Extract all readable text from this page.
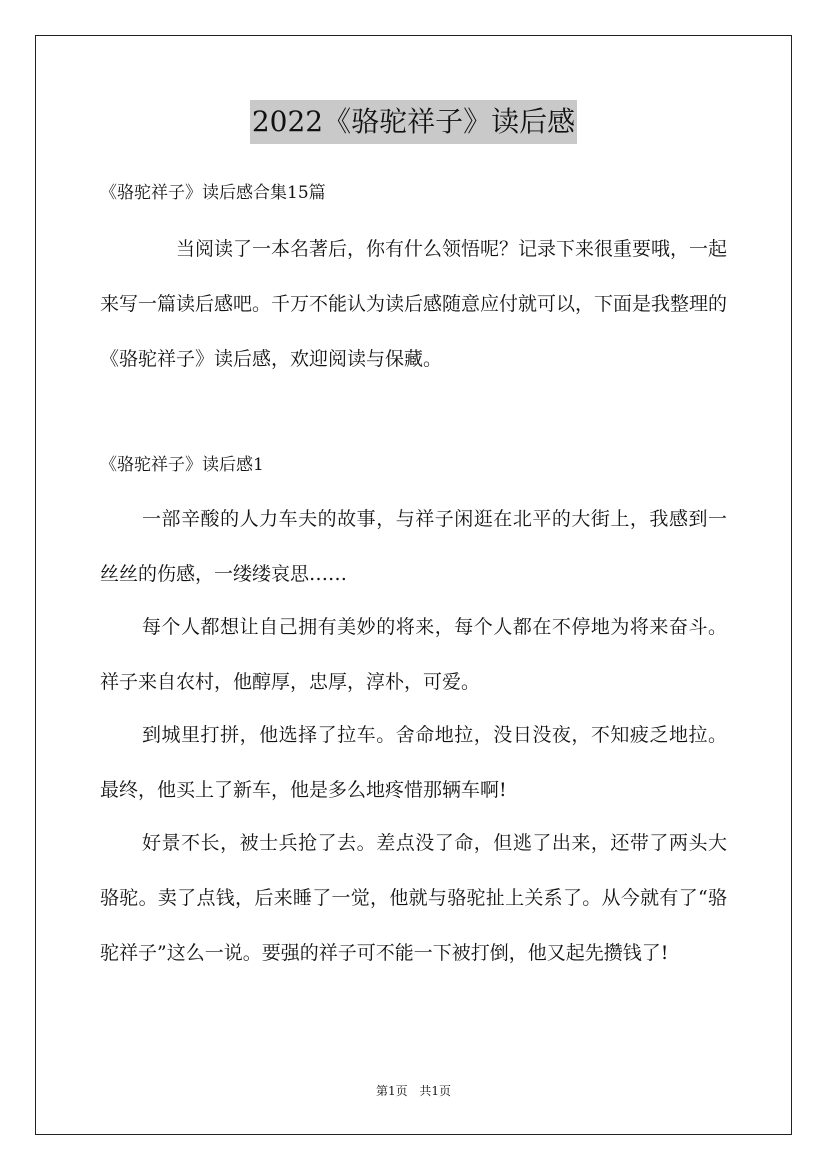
2022《骆驼祥子》读后感
《骆驼祥子》读后感合集15篇

当阅读了一本名著后，你有什么领悟呢？记录下来很重要哦，一起来写一篇读后感吧。千万不能认为读后感随意应付就可以，下面是我整理的《骆驼祥子》读后感，欢迎阅读与保藏。

《骆驼祥子》读后感1

一部辛酸的人力车夫的故事，与祥子闲逛在北平的大街上，我感到一丝丝的伤感，一缕缕哀思……

每个人都想让自己拥有美妙的将来，每个人都在不停地为将来奋斗。祥子来自农村，他醇厚，忠厚，淳朴，可爱。

到城里打拼，他选择了拉车。舍命地拉，没日没夜，不知疲乏地拉。最终，他买上了新车，他是多么地疼惜那辆车啊!

好景不长，被士兵抢了去。差点没了命，但逃了出来，还带了两头大骆驼。卖了点钱，后来睡了一觉，他就与骆驼扯上关系了。从今就有了“骆驼祥子”这么一说。要强的祥子可不能一下被打倒，他又起先攒钱了!

第1页 共1页
